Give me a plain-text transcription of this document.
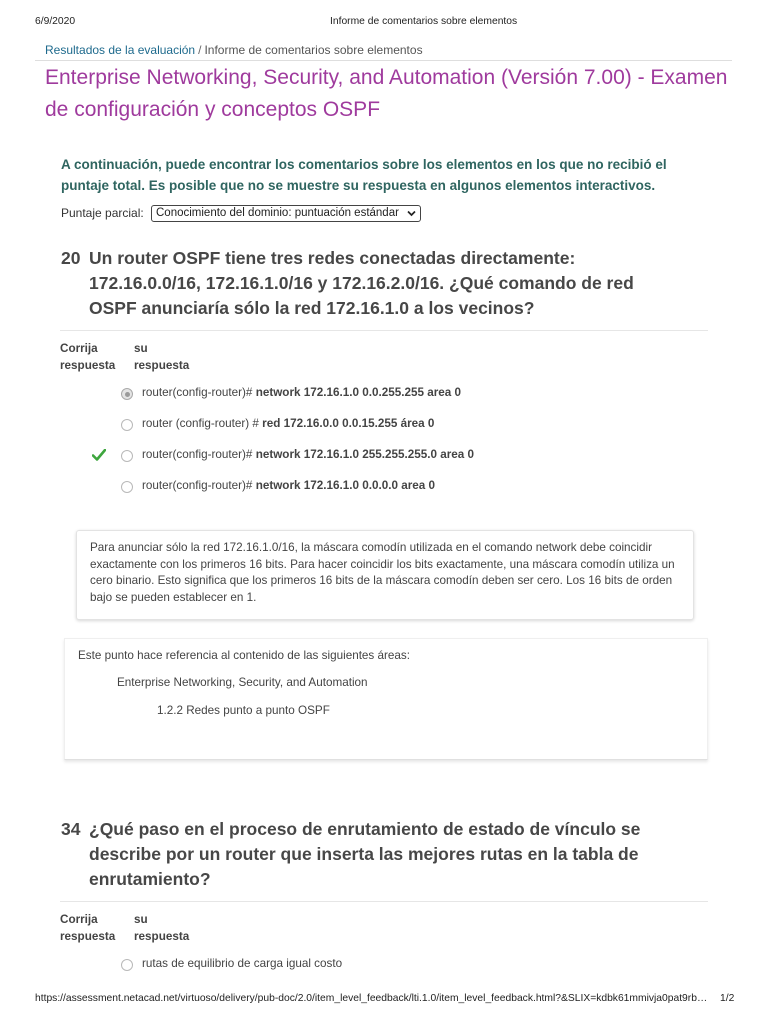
6/9/2020	Informe de comentarios sobre elementos
Resultados de la evaluación / Informe de comentarios sobre elementos
Enterprise Networking, Security, and Automation (Versión 7.00) - Examen de configuración y conceptos OSPF

A continuación, puede encontrar los comentarios sobre los elementos en los que no recibió el puntaje total. Es posible que no se muestre su respuesta en algunos elementos interactivos.

Puntaje parcial:	Conocimiento del dominio: puntuación estándar
20 Un router OSPF tiene tres redes conectadas directamente: 172.16.0.0/16, 172.16.1.0/16 y 172.16.2.0/16. ¿Qué comando de red OSPF anunciaría sólo la red 172.16.1.0 a los vecinos?
Corrija respuesta
su respuesta
router(config-router)# network 172.16.1.0 0.0.255.255 area 0
router (config-router) # red 172.16.0.0 0.0.15.255 área 0
router(config-router)# network 172.16.1.0 255.255.255.0 area 0
router(config-router)# network 172.16.1.0 0.0.0.0 area 0
Para anunciar sólo la red 172.16.1.0/16, la máscara comodín utilizada en el comando network debe coincidir exactamente con los primeros 16 bits. Para hacer coincidir los bits exactamente, una máscara comodín utiliza un cero binario. Esto significa que los primeros 16 bits de la máscara comodín deben ser cero. Los 16 bits de orden bajo se pueden establecer en 1.
Este punto hace referencia al contenido de las siguientes áreas:
Enterprise Networking, Security, and Automation
1.2.2 Redes punto a punto OSPF
34 ¿Qué paso en el proceso de enrutamiento de estado de vínculo se describe por un router que inserta las mejores rutas en la tabla de enrutamiento?
Corrija respuesta
su respuesta
rutas de equilibrio de carga igual costo
https://assessment.netacad.net/virtuoso/delivery/pub-doc/2.0/item_level_feedback/lti.1.0/item_level_feedback.html?&SLIX=kdbk61mmivja0pat9rb…	1/2
